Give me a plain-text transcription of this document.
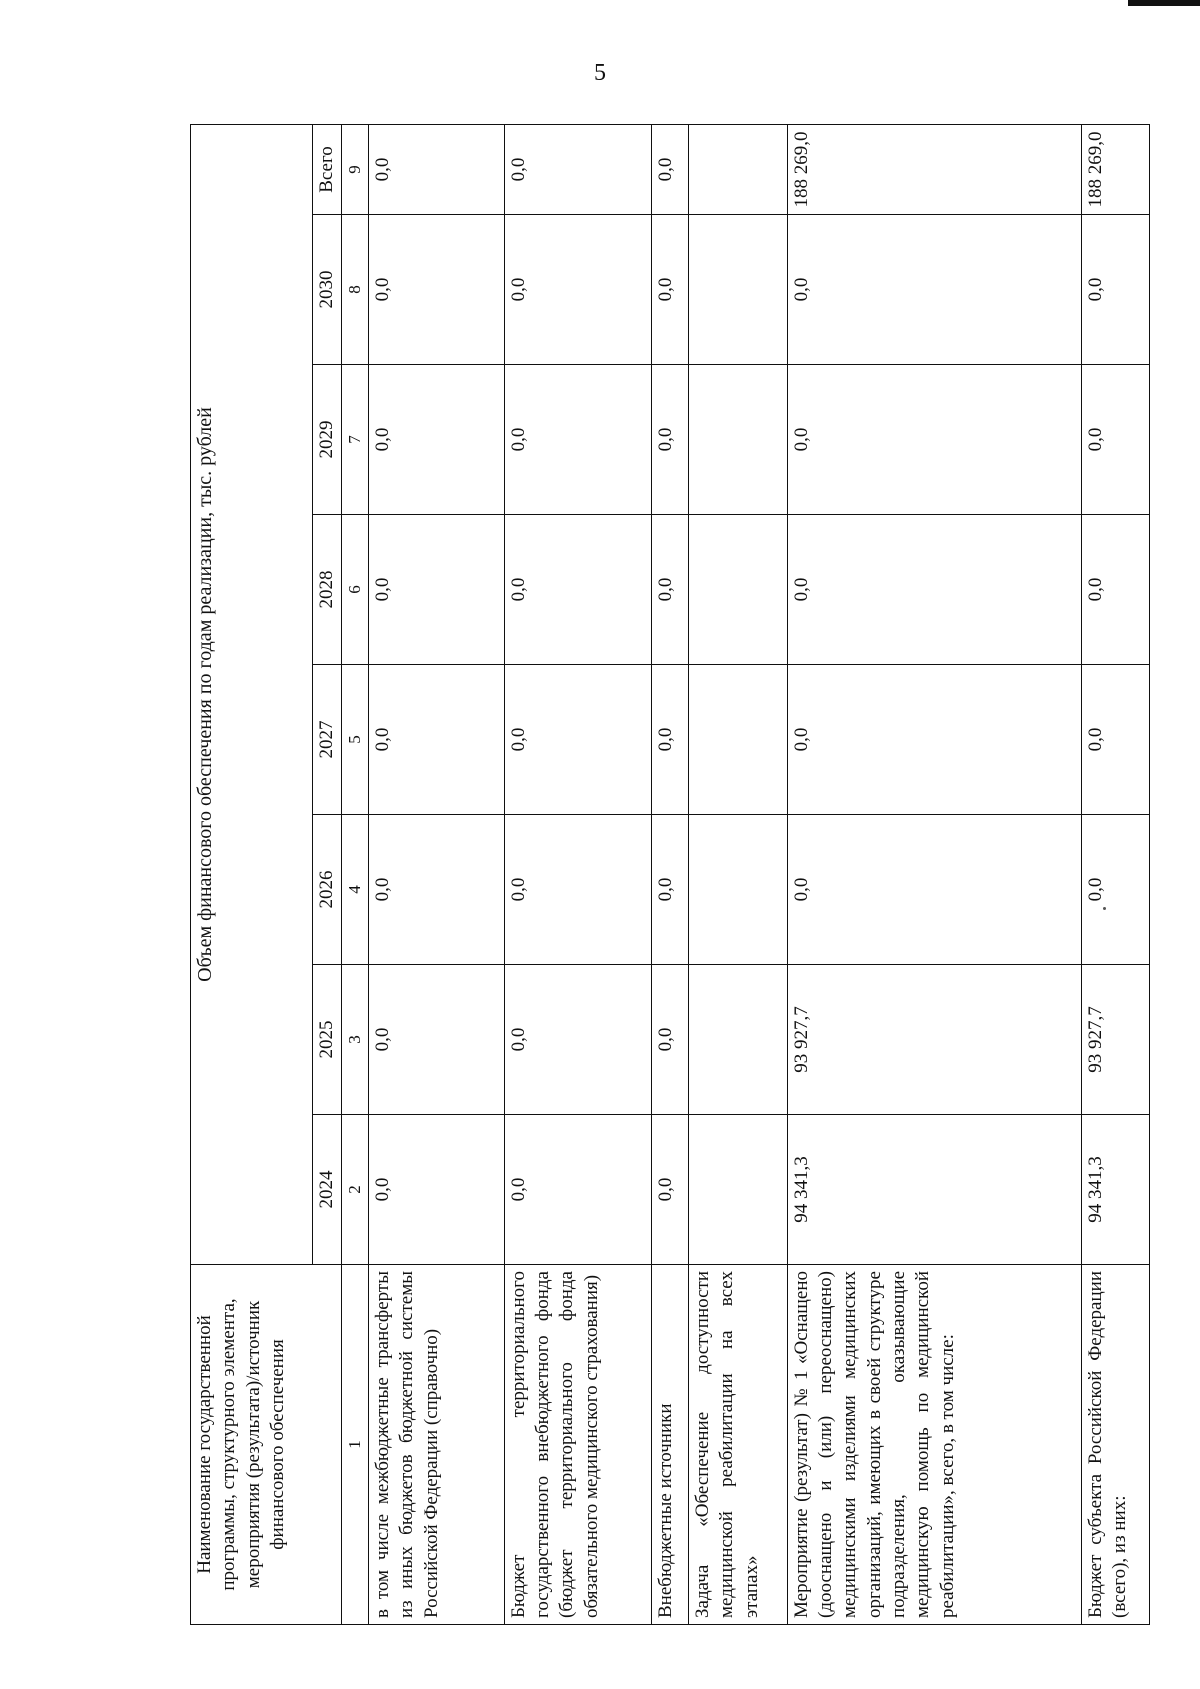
5
Наименование государственной программы, структурного элемента, мероприятия (результата)/источник финансового обеспечения	Объем финансового обеспечения по годам реализации, тыс. рублей							
	2024	2025	2026	2027	2028	2029	2030	Всего
1	2	3	4	5	6	7	8	9
в том числе межбюджетные трансферты из иных бюджетов бюджетной системы Российской Федерации (справочно)	0,0	0,0	0,0	0,0	0,0	0,0	0,0	0,0
Бюджет территориального государственного внебюджетного фонда (бюджет территориального фонда обязательного медицинского страхования)	0,0	0,0	0,0	0,0	0,0	0,0	0,0	0,0
Внебюджетные источники	0,0	0,0	0,0	0,0	0,0	0,0	0,0	0,0
Задача «Обеспечение доступности медицинской реабилитации на всех этапах»								
Мероприятие (результат) № 1 «Оснащено (дооснащено и (или) переоснащено) медицинскими изделиями медицинских организаций, имеющих в своей структуре подразделения, оказывающие медицинскую помощь по медицинской реабилитации», всего, в том числе:	94 341,3	93 927,7	0,0	0,0	0,0	0,0	0,0	188 269,0
Бюджет субъекта Российской Федерации (всего), из них:	94 341,3	93 927,7	0,0	0,0	0,0	0,0	0,0	188 269,0
